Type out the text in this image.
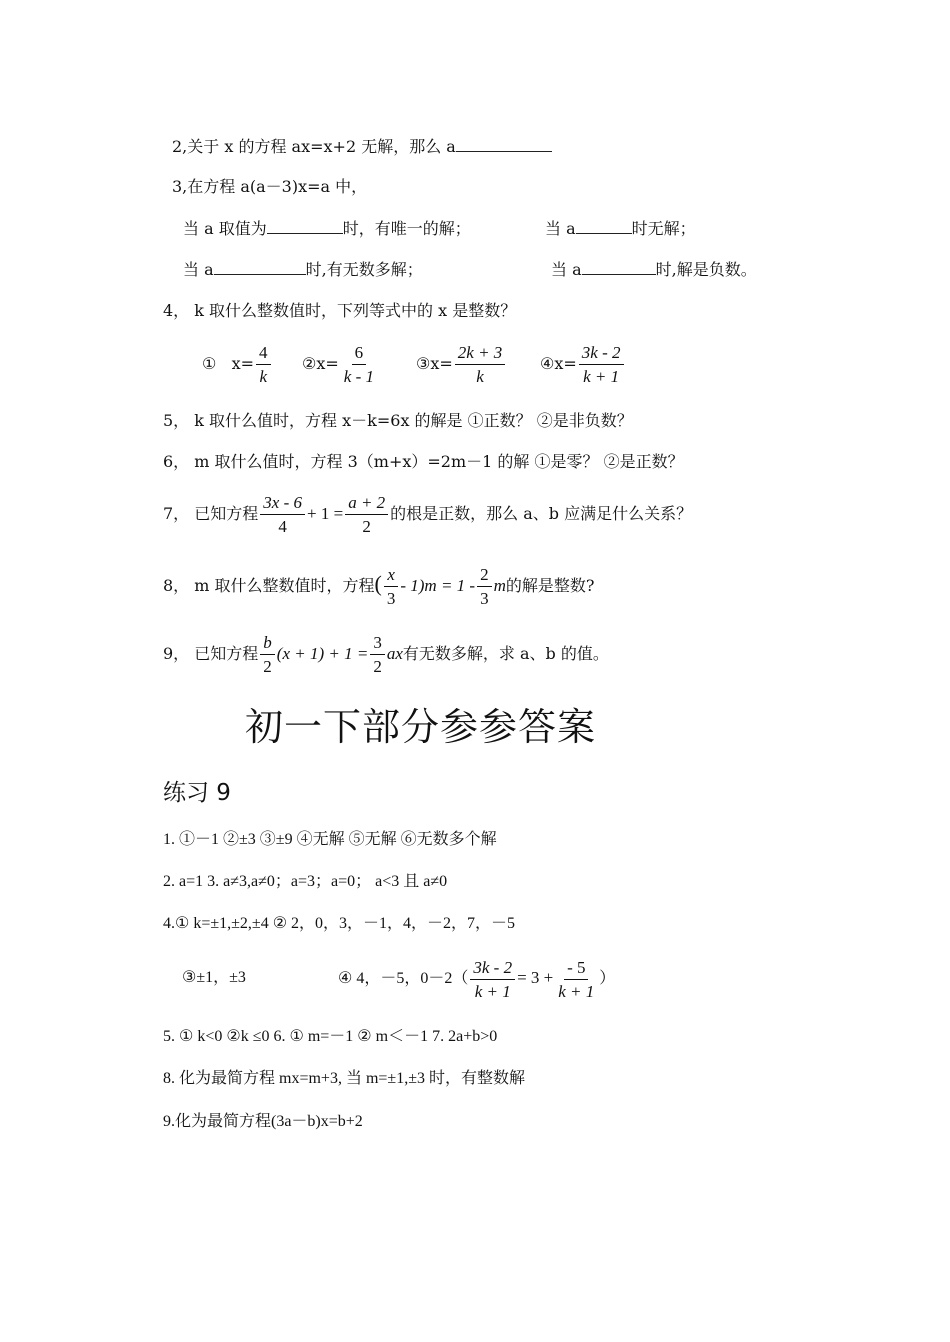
2,关于 x 的方程 ax=x+2 无解，那么 a
3,在方程 a(a－3)x=a 中，
当 a 取值为	时，有唯一的解；	当 a	时无解；
当 a	时,有无数多解；	当 a	时,解是负数。
4， k 取什么整数值时，下列等式中的 x 是整数？
① $x= \frac{4}{k}$ ②x= $\frac{6}{k - 1}$ ③x= $\frac{2k + 3}{k}$ ④x= $\frac{3k - 2}{k + 1}$
5， k 取什么值时，方程 x－k=6x 的解是 ①正数？ ②是非负数？
6， m 取什么值时，方程 3（m+x）=2m－1 的解 ①是零？ ②是正数？
7， 已知方程 $\frac{3x - 6}{4} + 1 = \frac{a + 2}{2}$ 的根是正数，那么 a、b 应满足什么关系？
8， m 取什么整数值时，方程( $\frac{x}{3} - 1)m = 1 - \frac{2}{3}$ m的解是整数?
9， 已知方程 $\frac{b}{2} (x + 1) + 1 = \frac{3}{2}$ ax有无数多解，求 a、b 的值。
初一下部分参参答案
练习 9
1. ①－1 ②±3 ③±9 ④无解 ⑤无解 ⑥无数多个解
2. a=1 3. a≠3,a≠0；a=3；a=0； a<3 且 a≠0
4.① k=±1,±2,±4 ② 2，0，3，－1，4，－2，7，－5
③±1，±3	④ 4，－5，$0-2( \frac{3k - 2}{k + 1} = 3 + \frac{- 5}{k + 1}$ ）
5. ① k<0 ②k ≤0 6. ① m=－1 ② m＜－1 7. 2a+b>0
8. 化为最简方程 mx=m+3, 当 m=±1,±3 时，有整数解
9.化为最简方程(3a－b)x=b+2
